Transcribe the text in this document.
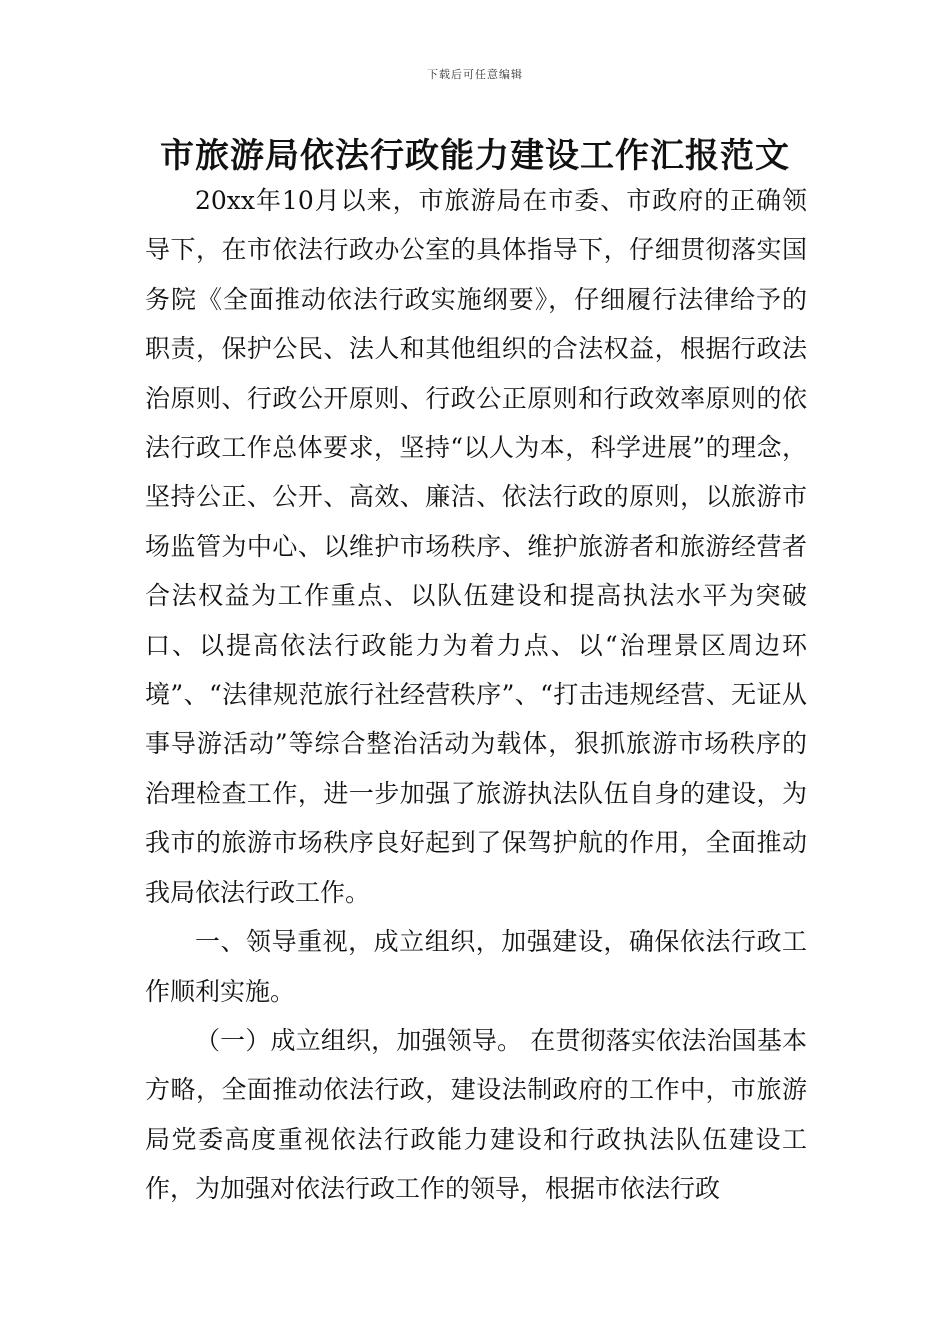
下载后可任意编辑
市旅游局依法行政能力建设工作汇报范文

20xx年10月以来，市旅游局在市委、市政府的正确领导下，在市依法行政办公室的具体指导下，仔细贯彻落实国务院《全面推动依法行政实施纲要》，仔细履行法律给予的职责，保护公民、法人和其他组织的合法权益，根据行政法治原则、行政公开原则、行政公正原则和行政效率原则的依法行政工作总体要求，坚持“以人为本，科学进展”的理念，坚持公正、公开、高效、廉洁、依法行政的原则，以旅游市场监管为中心、以维护市场秩序、维护旅游者和旅游经营者合法权益为工作重点、以队伍建设和提高执法水平为突破口、以提高依法行政能力为着力点、以“治理景区周边环境”、“法律规范旅行社经营秩序”、“打击违规经营、无证从事导游活动”等综合整治活动为载体，狠抓旅游市场秩序的治理检查工作，进一步加强了旅游执法队伍自身的建设，为我市的旅游市场秩序良好起到了保驾护航的作用，全面推动我局依法行政工作。

一、领导重视，成立组织，加强建设，确保依法行政工作顺利实施。

（一）成立组织，加强领导。 在贯彻落实依法治国基本方略，全面推动依法行政，建设法制政府的工作中，市旅游局党委高度重视依法行政能力建设和行政执法队伍建设工作，为加强对依法行政工作的领导，根据市依法行政
